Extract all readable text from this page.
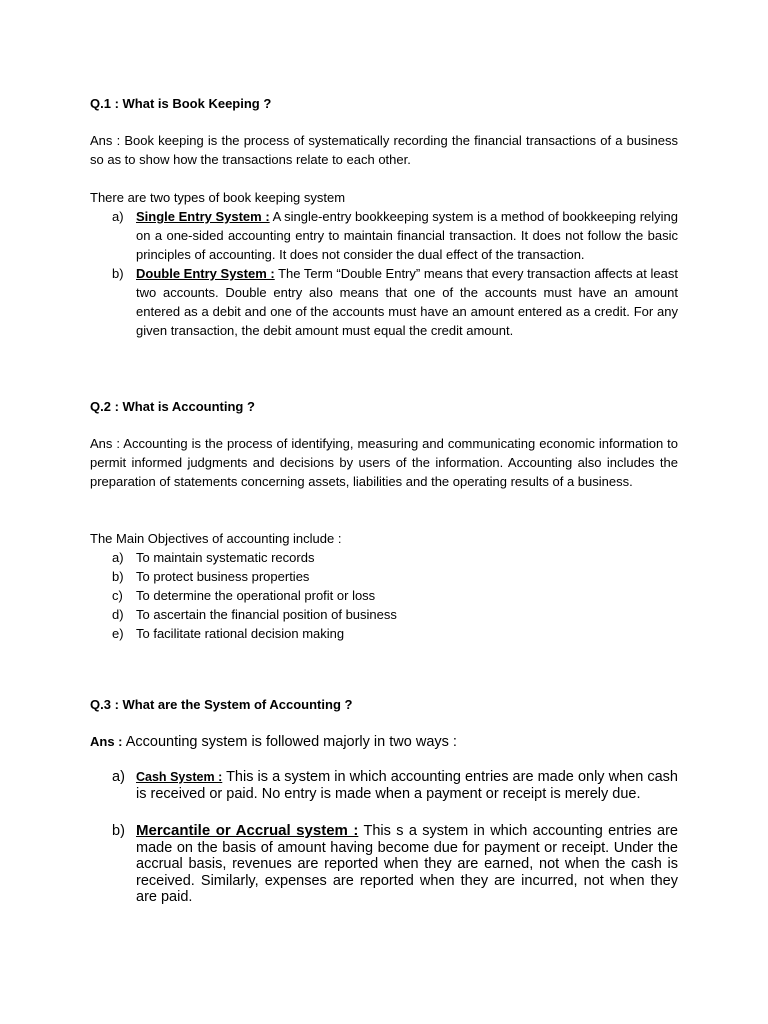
Q.1 : What is Book Keeping ?
Ans : Book keeping is the process of systematically recording the financial transactions of a business so as to show how the transactions relate to each other.
There are two types of book keeping system
a) Single Entry System : A single-entry bookkeeping system is a method of bookkeeping relying on a one-sided accounting entry to maintain financial transaction. It does not follow the basic principles of accounting. It does not consider the dual effect of the transaction.
b) Double Entry System : The Term “Double Entry” means that every transaction affects at least two accounts. Double entry also means that one of the accounts must have an amount entered as a debit and one of the accounts must have an amount entered as a credit. For any given transaction, the debit amount must equal the credit amount.
Q.2 : What is Accounting ?
Ans : Accounting is the process of identifying, measuring and communicating economic information to permit informed judgments and decisions by users of the information. Accounting also includes the preparation of statements concerning assets, liabilities and the operating results of a business.
The Main Objectives of accounting include :
a) To maintain systematic records
b) To protect business properties
c) To determine the operational profit or loss
d) To ascertain the financial position of business
e) To facilitate rational decision making
Q.3 : What are the System of Accounting ?
Ans : Accounting system is followed majorly in two ways :
a) Cash System : This is a system in which accounting entries are made only when cash is received or paid. No entry is made when a payment or receipt is merely due.
b) Mercantile or Accrual system : This s a system in which accounting entries are made on the basis of amount having become due for payment or receipt. Under the accrual basis, revenues are reported when they are earned, not when the cash is received. Similarly, expenses are reported when they are incurred, not when they are paid.
